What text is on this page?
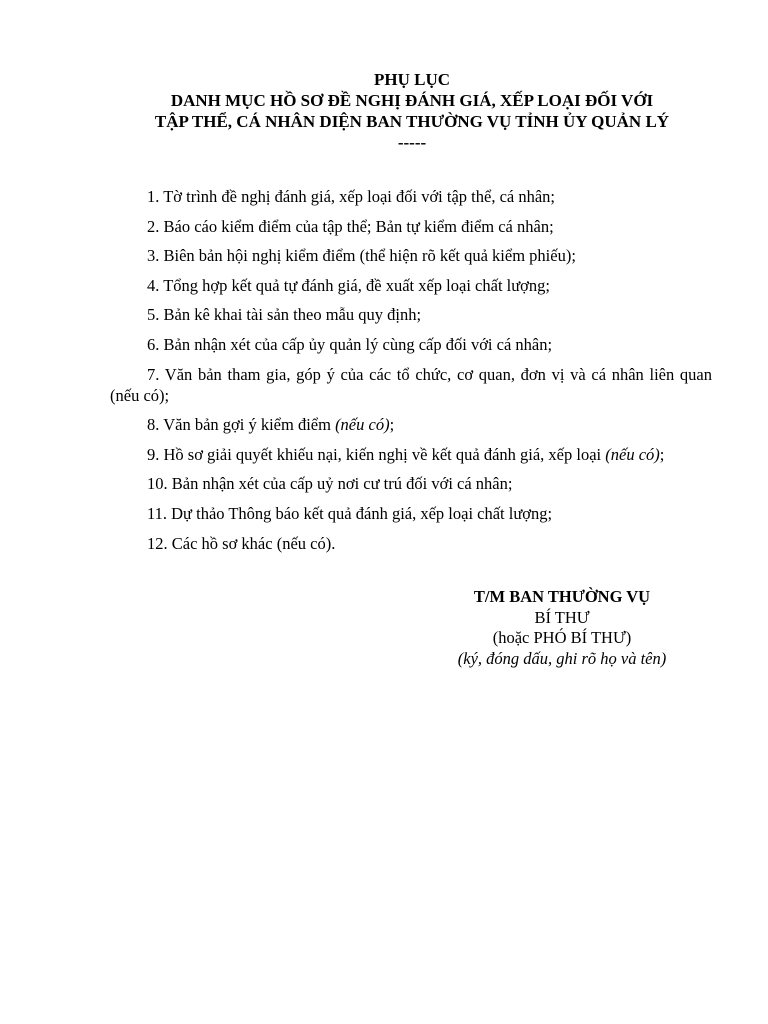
PHỤ LỤC
DANH MỤC HỒ SƠ ĐỀ NGHỊ ĐÁNH GIÁ, XẾP LOẠI ĐỐI VỚI
TẬP THỂ, CÁ NHÂN DIỆN BAN THƯỜNG VỤ TỈNH ỦY QUẢN LÝ
-----

1. Tờ trình đề nghị đánh giá, xếp loại đối với tập thể, cá nhân;

2. Báo cáo kiểm điểm của tập thể; Bản tự kiểm điểm cá nhân;

3. Biên bản hội nghị kiểm điểm (thể hiện rõ kết quả kiểm phiếu);

4. Tổng hợp kết quả tự đánh giá, đề xuất xếp loại chất lượng;

5. Bản kê khai tài sản theo mẫu quy định;

6. Bản nhận xét của cấp ủy quản lý cùng cấp đối với cá nhân;

7. Văn bản tham gia, góp ý của các tổ chức, cơ quan, đơn vị và cá nhân liên quan (nếu có);

8. Văn bản gợi ý kiểm điểm (nếu có);

9. Hồ sơ giải quyết khiếu nại, kiến nghị về kết quả đánh giá, xếp loại (nếu có);

10. Bản nhận xét của cấp uỷ nơi cư trú đối với cá nhân;

11. Dự thảo Thông báo kết quả đánh giá, xếp loại chất lượng;

12. Các hồ sơ khác (nếu có).

T/M BAN THƯỜNG VỤ
BÍ THƯ
(hoặc PHÓ BÍ THƯ)
(ký, đóng dấu, ghi rõ họ và tên)
